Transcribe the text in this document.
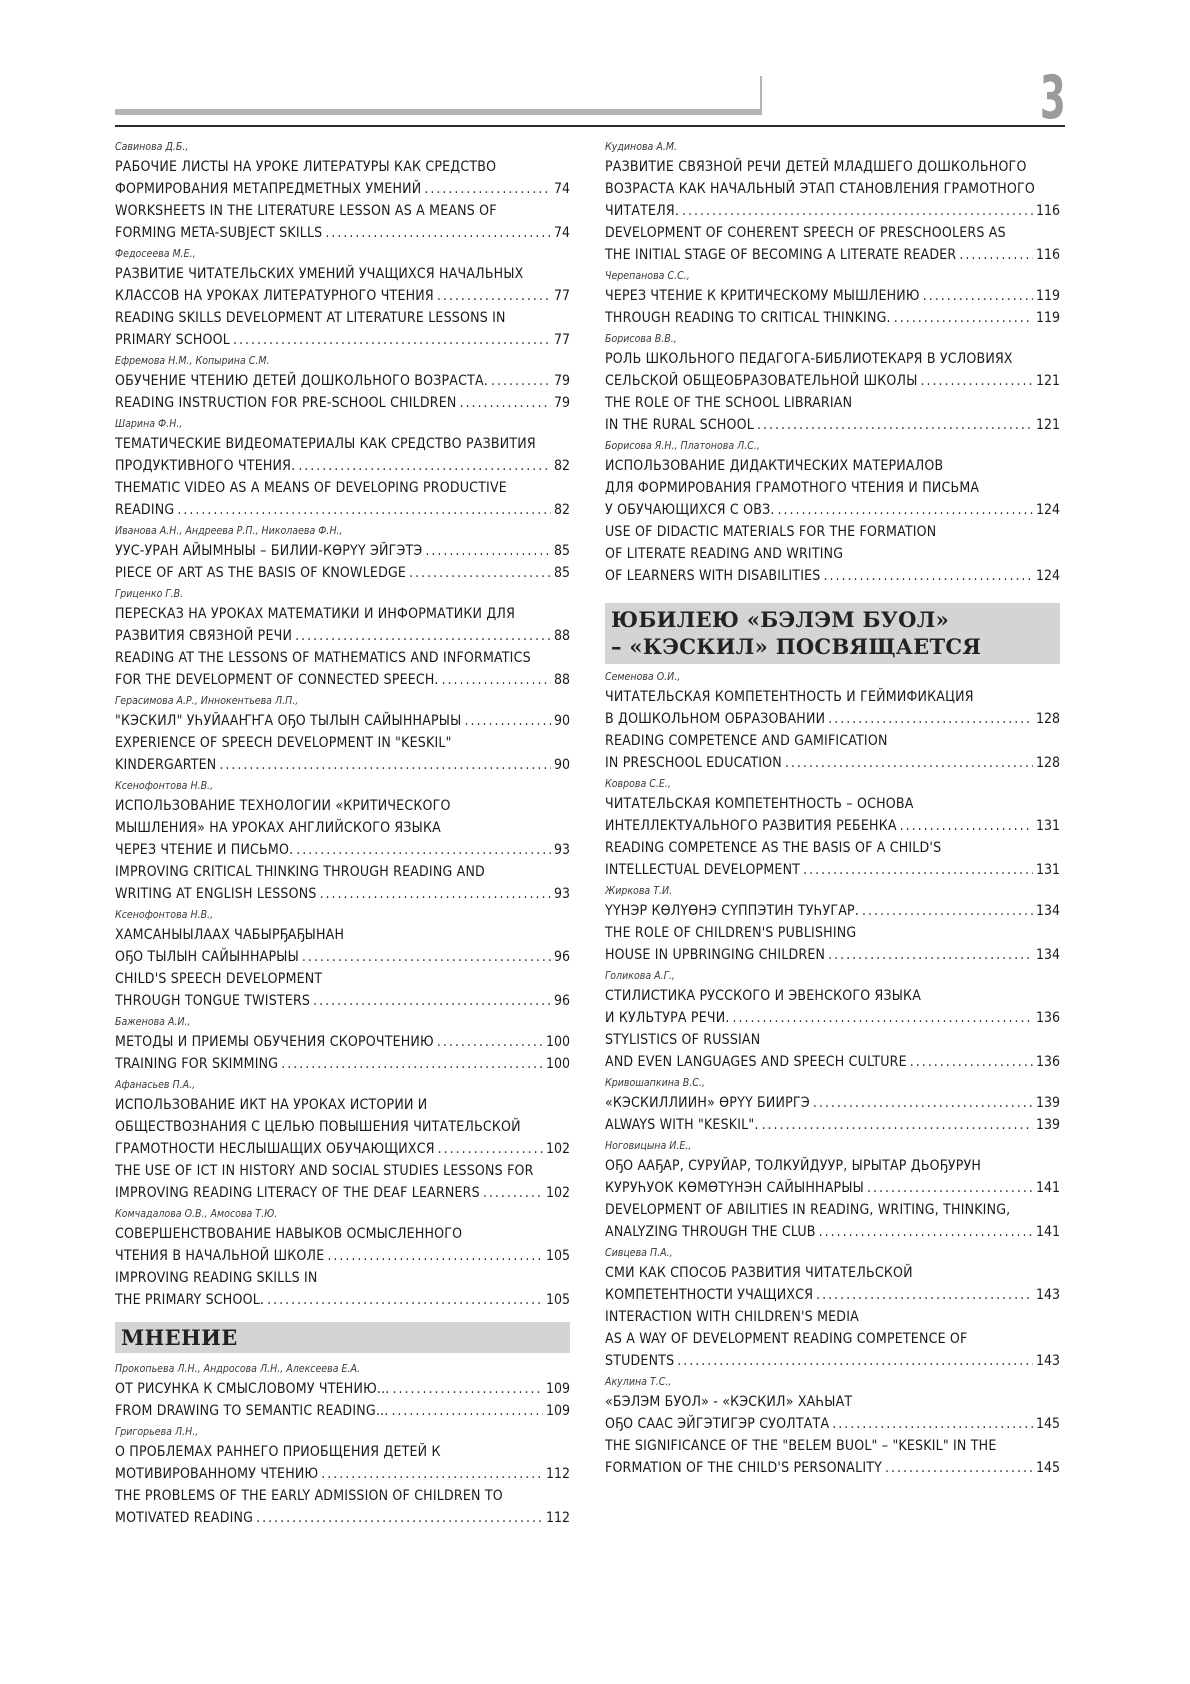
3
Савинова Д.Б.,
РАБОЧИЕ ЛИСТЫ НА УРОКЕ ЛИТЕРАТУРЫ КАК СРЕДСТВО
ФОРМИРОВАНИЯ МЕТАПРЕДМЕТНЫХ УМЕНИЙ .....	74
WORKSHEETS IN THE LITERATURE LESSON AS A MEANS OF
FORMING META-SUBJECT SKILLS .....	74
Федосеева М.Е.,
РАЗВИТИЕ ЧИТАТЕЛЬСКИХ УМЕНИЙ УЧАЩИХСЯ НАЧАЛЬНЫХ
КЛАССОВ НА УРОКАХ ЛИТЕРАТУРНОГО ЧТЕНИЯ .....	77
READING SKILLS DEVELOPMENT AT LITERATURE LESSONS IN
PRIMARY SCHOOL .....	77
Ефремова Н.М., Копырина С.М.
ОБУЧЕНИЕ ЧТЕНИЮ ДЕТЕЙ ДОШКОЛЬНОГО ВОЗРАСТА. .....	79
READING INSTRUCTION FOR PRE-SCHOOL CHILDREN .....	79
Шарина Ф.Н.,
ТЕМАТИЧЕСКИЕ ВИДЕОМАТЕРИАЛЫ КАК СРЕДСТВО РАЗВИТИЯ
ПРОДУКТИВНОГО ЧТЕНИЯ. .....	82
THEMATIC VIDEO AS A MEANS OF DEVELOPING PRODUCTIVE
READING .....	82
Иванова А.Н., Андреева Р.П., Николаева Ф.Н.,
УУС-УРАН АЙЫМНЫЫ – БИЛИИ-КӨРҮҮ ЭЙГЭТЭ .....	85
PIECE OF ART AS THE BASIS OF KNOWLEDGE .....	85
Гриценко Г.В.
ПЕРЕСКАЗ НА УРОКАХ МАТЕМАТИКИ И ИНФОРМАТИКИ ДЛЯ
РАЗВИТИЯ СВЯЗНОЙ РЕЧИ .....	88
READING AT THE LESSONS OF MATHEMATICS AND INFORMATICS
FOR THE DEVELOPMENT OF CONNECTED SPEECH. .....	88
Герасимова А.Р., Иннокентьева Л.П.,
"КЭСКИЛ" УҺУЙААҤҤА ОҔО ТЫЛЫН САЙЫННАРЫЫ .....	90
EXPERIENCE OF SPEECH DEVELOPMENT IN "KESKIL"
KINDERGARTEN .....	90
Ксенофонтова Н.В.,
ИСПОЛЬЗОВАНИЕ ТЕХНОЛОГИИ «КРИТИЧЕСКОГО
МЫШЛЕНИЯ» НА УРОКАХ АНГЛИЙСКОГО ЯЗЫКА
ЧЕРЕЗ ЧТЕНИЕ И ПИСЬМО. .....	93
IMPROVING CRITICAL THINKING THROUGH READING AND
WRITING AT ENGLISH LESSONS .....	93
Ксенофонтова Н.В.,
ХАМСАНЫЫЛААХ ЧАБЫРҔАҔЫНАН
ОҔО ТЫЛЫН САЙЫННАРЫЫ .....	96
CHILD'S SPEECH DEVELOPMENT
THROUGH TONGUE TWISTERS .....	96
Баженова А.И.,
МЕТОДЫ И ПРИЕМЫ ОБУЧЕНИЯ СКОРОЧТЕНИЮ .....	100
TRAINING FOR SKIMMING .....	100
Афанасьев П.А.,
ИСПОЛЬЗОВАНИЕ ИКТ НА УРОКАХ ИСТОРИИ И
ОБЩЕСТВОЗНАНИЯ С ЦЕЛЬЮ ПОВЫШЕНИЯ ЧИТАТЕЛЬСКОЙ
ГРАМОТНОСТИ НЕСЛЫШАЩИХ ОБУЧАЮЩИХСЯ .....	102
THE USE OF ICT IN HISTORY AND SOCIAL STUDIES LESSONS FOR
IMPROVING READING LITERACY OF THE DEAF LEARNERS .....	102
Комчадалова О.В., Амосова Т.Ю.
СОВЕРШЕНСТВОВАНИЕ НАВЫКОВ ОСМЫСЛЕННОГО
ЧТЕНИЯ В НАЧАЛЬНОЙ ШКОЛЕ .....	105
IMPROVING READING SKILLS IN
THE PRIMARY SCHOOL. .....	105
МНЕНИЕ
Прокопьева Л.Н., Андросова Л.Н., Алексеева Е.А.
ОТ РИСУНКА К СМЫСЛОВОМУ ЧТЕНИЮ... .....	109
FROM DRAWING TO SEMANTIC READING... .....	109
Григорьева Л.Н.,
О ПРОБЛЕМАХ РАННЕГО ПРИОБЩЕНИЯ ДЕТЕЙ К
МОТИВИРОВАННОМУ ЧТЕНИЮ .....	112
THE PROBLEMS OF THE EARLY ADMISSION OF CHILDREN TO
MOTIVATED READING .....	112
Кудинова А.М.
РАЗВИТИЕ СВЯЗНОЙ РЕЧИ ДЕТЕЙ МЛАДШЕГО ДОШКОЛЬНОГО
ВОЗРАСТА КАК НАЧАЛЬНЫЙ ЭТАП СТАНОВЛЕНИЯ ГРАМОТНОГО
ЧИТАТЕЛЯ. .....	116
DEVELOPMENT OF COHERENT SPEECH OF PRESCHOOLERS AS
THE INITIAL STAGE OF BECOMING A LITERATE READER .....	116
Черепанова С.С.,
ЧЕРЕЗ ЧТЕНИЕ К КРИТИЧЕСКОМУ МЫШЛЕНИЮ .....	119
THROUGH READING TO CRITICAL THINKING. .....	119
Борисова В.В.,
РОЛЬ ШКОЛЬНОГО ПЕДАГОГА-БИБЛИОТЕКАРЯ В УСЛОВИЯХ
СЕЛЬСКОЙ ОБЩЕОБРАЗОВАТЕЛЬНОЙ ШКОЛЫ .....	121
THE ROLE OF THE SCHOOL LIBRARIAN
IN THE RURAL SCHOOL .....	121
Борисова Я.Н., Платонова Л.С.,
ИСПОЛЬЗОВАНИЕ ДИДАКТИЧЕСКИХ МАТЕРИАЛОВ
ДЛЯ ФОРМИРОВАНИЯ ГРАМОТНОГО ЧТЕНИЯ И ПИСЬМА
У ОБУЧАЮЩИХСЯ С ОВЗ. .....	124
USE OF DIDACTIC MATERIALS FOR THE FORMATION
OF LITERATE READING AND WRITING
OF LEARNERS WITH DISABILITIES .....	124
ЮБИЛЕЮ «БЭЛЭМ БУОЛ»
– «КЭСКИЛ» ПОСВЯЩАЕТСЯ
Семенова О.И.,
ЧИТАТЕЛЬСКАЯ КОМПЕТЕНТНОСТЬ И ГЕЙМИФИКАЦИЯ
В ДОШКОЛЬНОМ ОБРАЗОВАНИИ .....	128
READING COMPETENCE AND GAMIFICATION
IN PRESCHOOL EDUCATION .....	128
Коврова С.Е.,
ЧИТАТЕЛЬСКАЯ КОМПЕТЕНТНОСТЬ – ОСНОВА
ИНТЕЛЛЕКТУАЛЬНОГО РАЗВИТИЯ РЕБЕНКА .....	131
READING COMPETENCE AS THE BASIS OF A CHILD'S
INTELLECTUAL DEVELOPMENT .....	131
Жиркова Т.И.
ҮҮНЭР КӨЛҮӨНЭ СҮППЭТИН ТУҺУГАР. .....	134
THE ROLE OF CHILDREN'S PUBLISHING
HOUSE IN UPBRINGING CHILDREN .....	134
Голикова А.Г.,
СТИЛИСТИКА РУССКОГО И ЭВЕНСКОГО ЯЗЫКА
И КУЛЬТУРА РЕЧИ. .....	136
STYLISTICS OF RUSSIAN
AND EVEN LANGUAGES AND SPEECH CULTURE .....	136
Кривошапкина В.С.,
«КЭСКИЛЛИИН» ӨРҮҮ БИИРГЭ .....	139
ALWAYS WITH "KESKIL". .....	139
Ноговицына И.Е.,
ОҔО ААҔАР, СУРУЙАР, ТОЛКУЙДУУР, ЫРЫТАР ДЬОҔУРУН
КУРУҺУОК КӨМӨТҮНЭН САЙЫННАРЫЫ .....	141
DEVELOPMENT OF ABILITIES IN READING, WRITING, THINKING,
ANALYZING THROUGH THE CLUB .....	141
Сивцева П.А.,
СМИ КАК СПОСОБ РАЗВИТИЯ ЧИТАТЕЛЬСКОЙ
КОМПЕТЕНТНОСТИ УЧАЩИХСЯ .....	143
INTERACTION WITH CHILDREN'S MEDIA
AS A WAY OF DEVELOPMENT READING COMPETENCE OF
STUDENTS .....	143
Акулина Т.С.,
«БЭЛЭМ БУОЛ» - «КЭСКИЛ» ХАҺЫАТ
ОҔО СААС ЭЙГЭТИГЭР СУОЛТАТА .....	145
THE SIGNIFICANCE OF THE "BELEM BUOL" – "KESKIL" IN THE
FORMATION OF THE CHILD'S PERSONALITY .....	145
